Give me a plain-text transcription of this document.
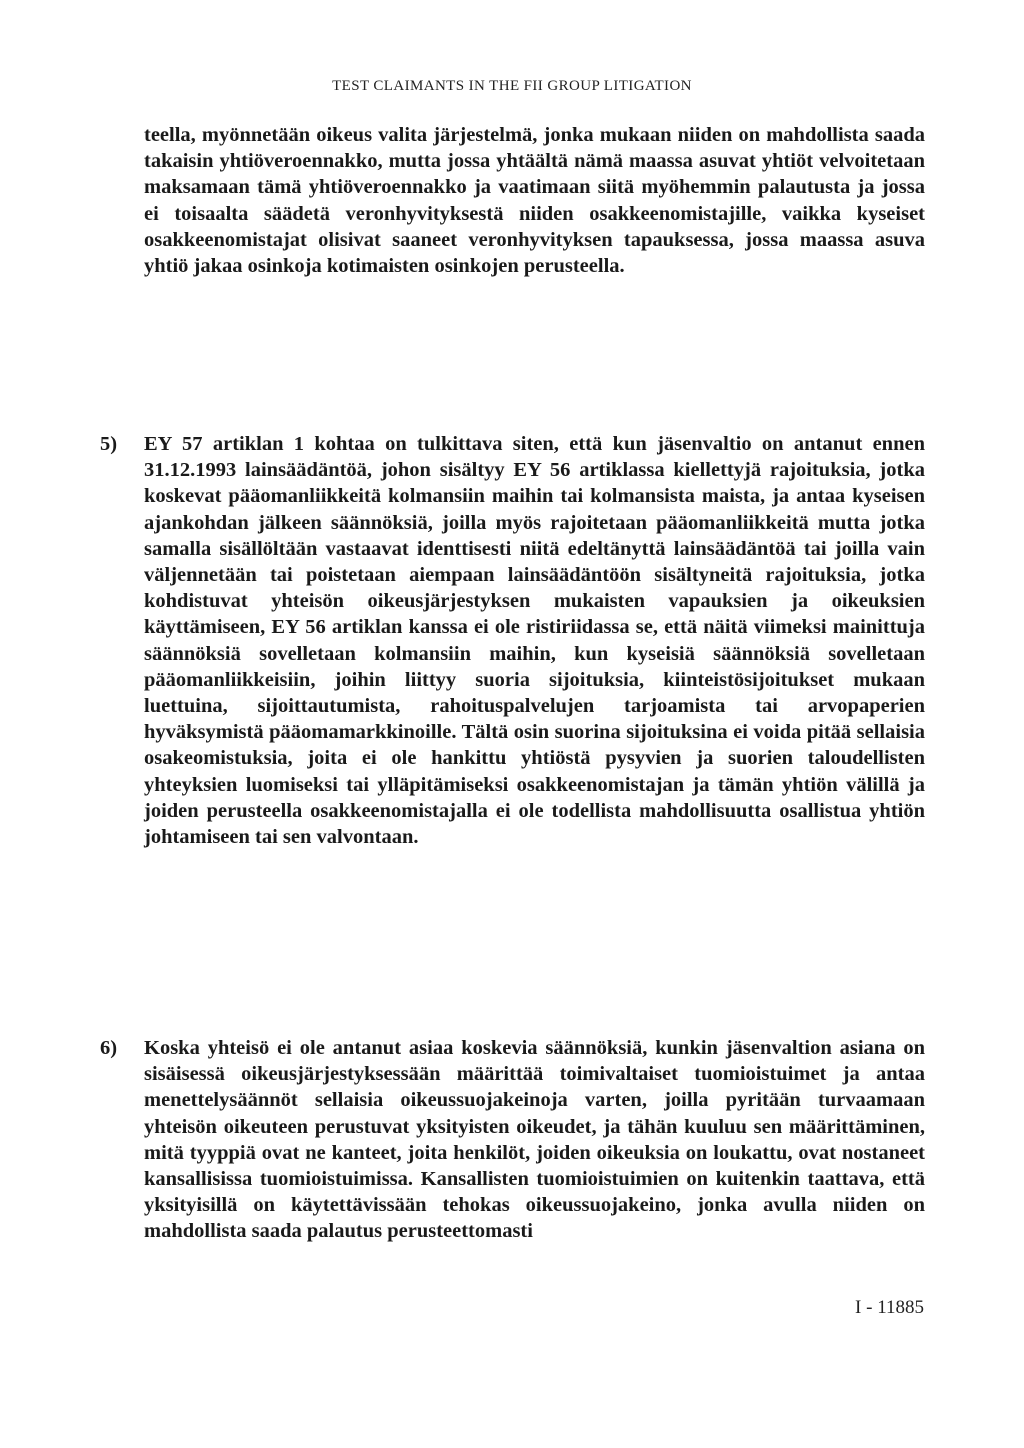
TEST CLAIMANTS IN THE FII GROUP LITIGATION
teella, myönnetään oikeus valita järjestelmä, jonka mukaan niiden on mahdollista saada takaisin yhtiöveroennakko, mutta jossa yhtäältä nämä maassa asuvat yhtiöt velvoitetaan maksamaan tämä yhtiöveroennakko ja vaatimaan siitä myöhemmin palautusta ja jossa ei toisaalta säädetä veronhyvityksestä niiden osakkeenomistajille, vaikka kyseiset osakkeenomistajat olisivat saaneet veronhyvityksen tapauksessa, jossa maassa asuva yhtiö jakaa osinkoja kotimaisten osinkojen perusteella.
5) EY 57 artiklan 1 kohtaa on tulkittava siten, että kun jäsenvaltio on antanut ennen 31.12.1993 lainsäädäntöä, johon sisältyy EY 56 artiklassa kiellettyjä rajoituksia, jotka koskevat pääomanliikkeitä kolmansiin maihin tai kolmansista maista, ja antaa kyseisen ajankohdan jälkeen säännöksiä, joilla myös rajoitetaan pääomanliikkeitä mutta jotka samalla sisällöltään vastaavat identtisesti niitä edeltänyttä lainsäädäntöä tai joilla vain väljennetään tai poistetaan aiempaan lainsäädäntöön sisältyneitä rajoituksia, jotka kohdistuvat yhteisön oikeusjärjestyksen mukaisten vapauksien ja oikeuksien käyttämiseen, EY 56 artiklan kanssa ei ole ristiriidassa se, että näitä viimeksi mainittuja säännöksiä sovelletaan kolmansiin maihin, kun kyseisiä säännöksiä sovelletaan pääomanliikkeisiin, joihin liittyy suoria sijoituksia, kiinteistösijoitukset mukaan luettuina, sijoittautumista, rahoituspalvelujen tarjoamista tai arvopaperien hyväksymistä pääomamarkkinoille. Tältä osin suorina sijoituksina ei voida pitää sellaisia osakeomistuksia, joita ei ole hankittu yhtiöstä pysyvien ja suorien taloudellisten yhteyksien luomiseksi tai ylläpitämiseksi osakkeenomistajan ja tämän yhtiön välillä ja joiden perusteella osakkeenomistajalla ei ole todellista mahdollisuutta osallistua yhtiön johtamiseen tai sen valvontaan.
6) Koska yhteisö ei ole antanut asiaa koskevia säännöksiä, kunkin jäsenvaltion asiana on sisäisessä oikeusjärjestyksessään määrittää toimivaltaiset tuomioistuimet ja antaa menettelysäännöt sellaisia oikeussuojakeinoja varten, joilla pyritään turvaamaan yhteisön oikeuteen perustuvat yksityisten oikeudet, ja tähän kuuluu sen määrittäminen, mitä tyyppiä ovat ne kanteet, joita henkilöt, joiden oikeuksia on loukattu, ovat nostaneet kansallisissa tuomioistuimissa. Kansallisten tuomioistuimien on kuitenkin taattava, että yksityisillä on käytettävissään tehokas oikeussuojakeino, jonka avulla niiden on mahdollista saada palautus perusteettomasti
I - 11885
